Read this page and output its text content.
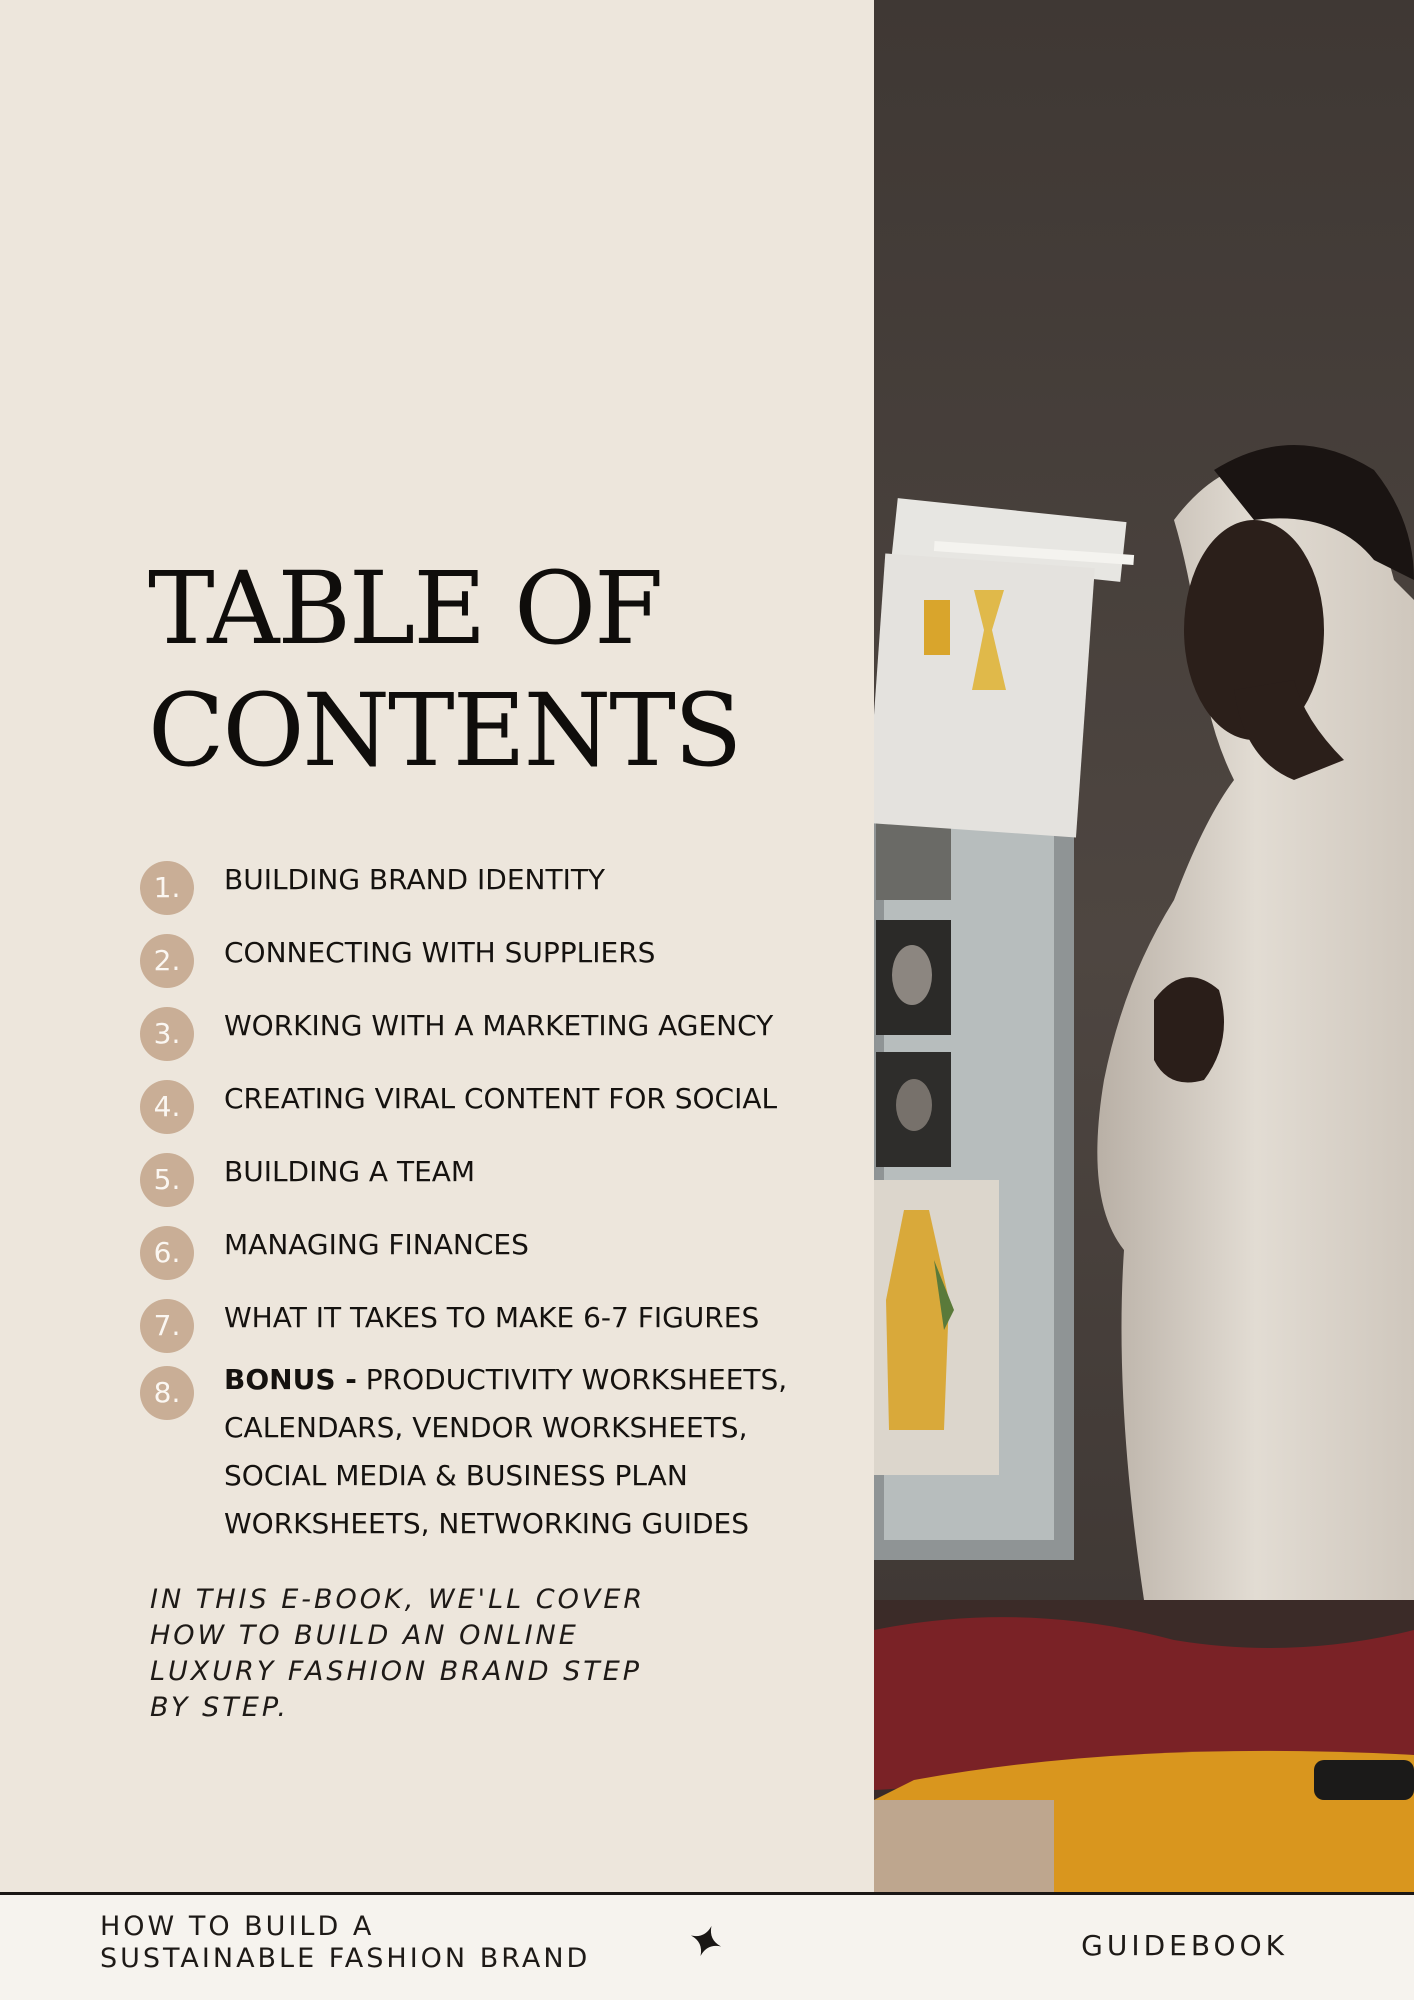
TABLE OF
CONTENTS
1.	BUILDING BRAND IDENTITY
2.	CONNECTING WITH SUPPLIERS
3.	WORKING WITH A MARKETING AGENCY
4.	CREATING VIRAL CONTENT FOR SOCIAL
5.	BUILDING A TEAM
6.	MANAGING FINANCES
7.	WHAT IT TAKES TO MAKE 6-7 FIGURES
8.	BONUS - PRODUCTIVITY WORKSHEETS,
CALENDARS, VENDOR WORKSHEETS,
SOCIAL MEDIA & BUSINESS PLAN
WORKSHEETS, NETWORKING GUIDES
IN THIS E-BOOK, WE'LL COVER
HOW TO BUILD AN ONLINE
LUXURY FASHION BRAND STEP
BY STEP.
HOW TO BUILD A
SUSTAINABLE FASHION BRAND	GUIDEBOOK
